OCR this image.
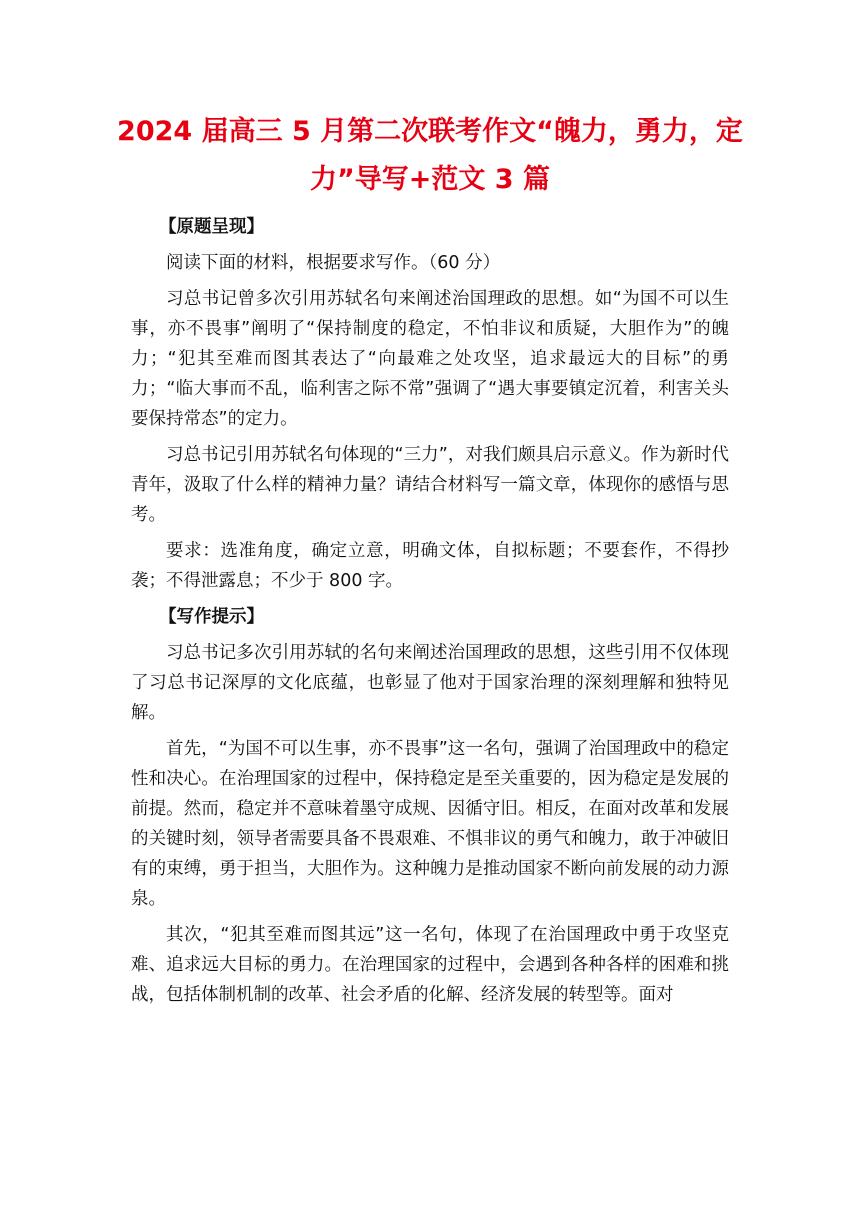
2024 届高三 5 月第二次联考作文“魄力，勇力，定力”导写+范文 3 篇
【原题呈现】

阅读下面的材料，根据要求写作。（60 分）

习总书记曾多次引用苏轼名句来阐述治国理政的思想。如“为国不可以生事，亦不畏事”阐明了“保持制度的稳定，不怕非议和质疑，大胆作为”的魄力；“犯其至难而图其表达了“向最难之处攻坚，追求最远大的目标”的勇力；“临大事而不乱，临利害之际不常”强调了“遇大事要镇定沉着，利害关头要保持常态”的定力。

习总书记引用苏轼名句体现的“三力”，对我们颇具启示意义。作为新时代青年，汲取了什么样的精神力量？请结合材料写一篇文章，体现你的感悟与思考。

要求：选准角度，确定立意，明确文体，自拟标题；不要套作，不得抄袭；不得泄露息；不少于 800 字。

【写作提示】

习总书记多次引用苏轼的名句来阐述治国理政的思想，这些引用不仅体现了习总书记深厚的文化底蕴，也彰显了他对于国家治理的深刻理解和独特见解。

首先，“为国不可以生事，亦不畏事”这一名句，强调了治国理政中的稳定性和决心。在治理国家的过程中，保持稳定是至关重要的，因为稳定是发展的前提。然而，稳定并不意味着墨守成规、因循守旧。相反，在面对改革和发展的关键时刻，领导者需要具备不畏艰难、不惧非议的勇气和魄力，敢于冲破旧有的束缚，勇于担当，大胆作为。这种魄力是推动国家不断向前发展的动力源泉。

其次，“犯其至难而图其远”这一名句，体现了在治国理政中勇于攻坚克难、追求远大目标的勇力。在治理国家的过程中，会遇到各种各样的困难和挑战，包括体制机制的改革、社会矛盾的化解、经济发展的转型等。面对
